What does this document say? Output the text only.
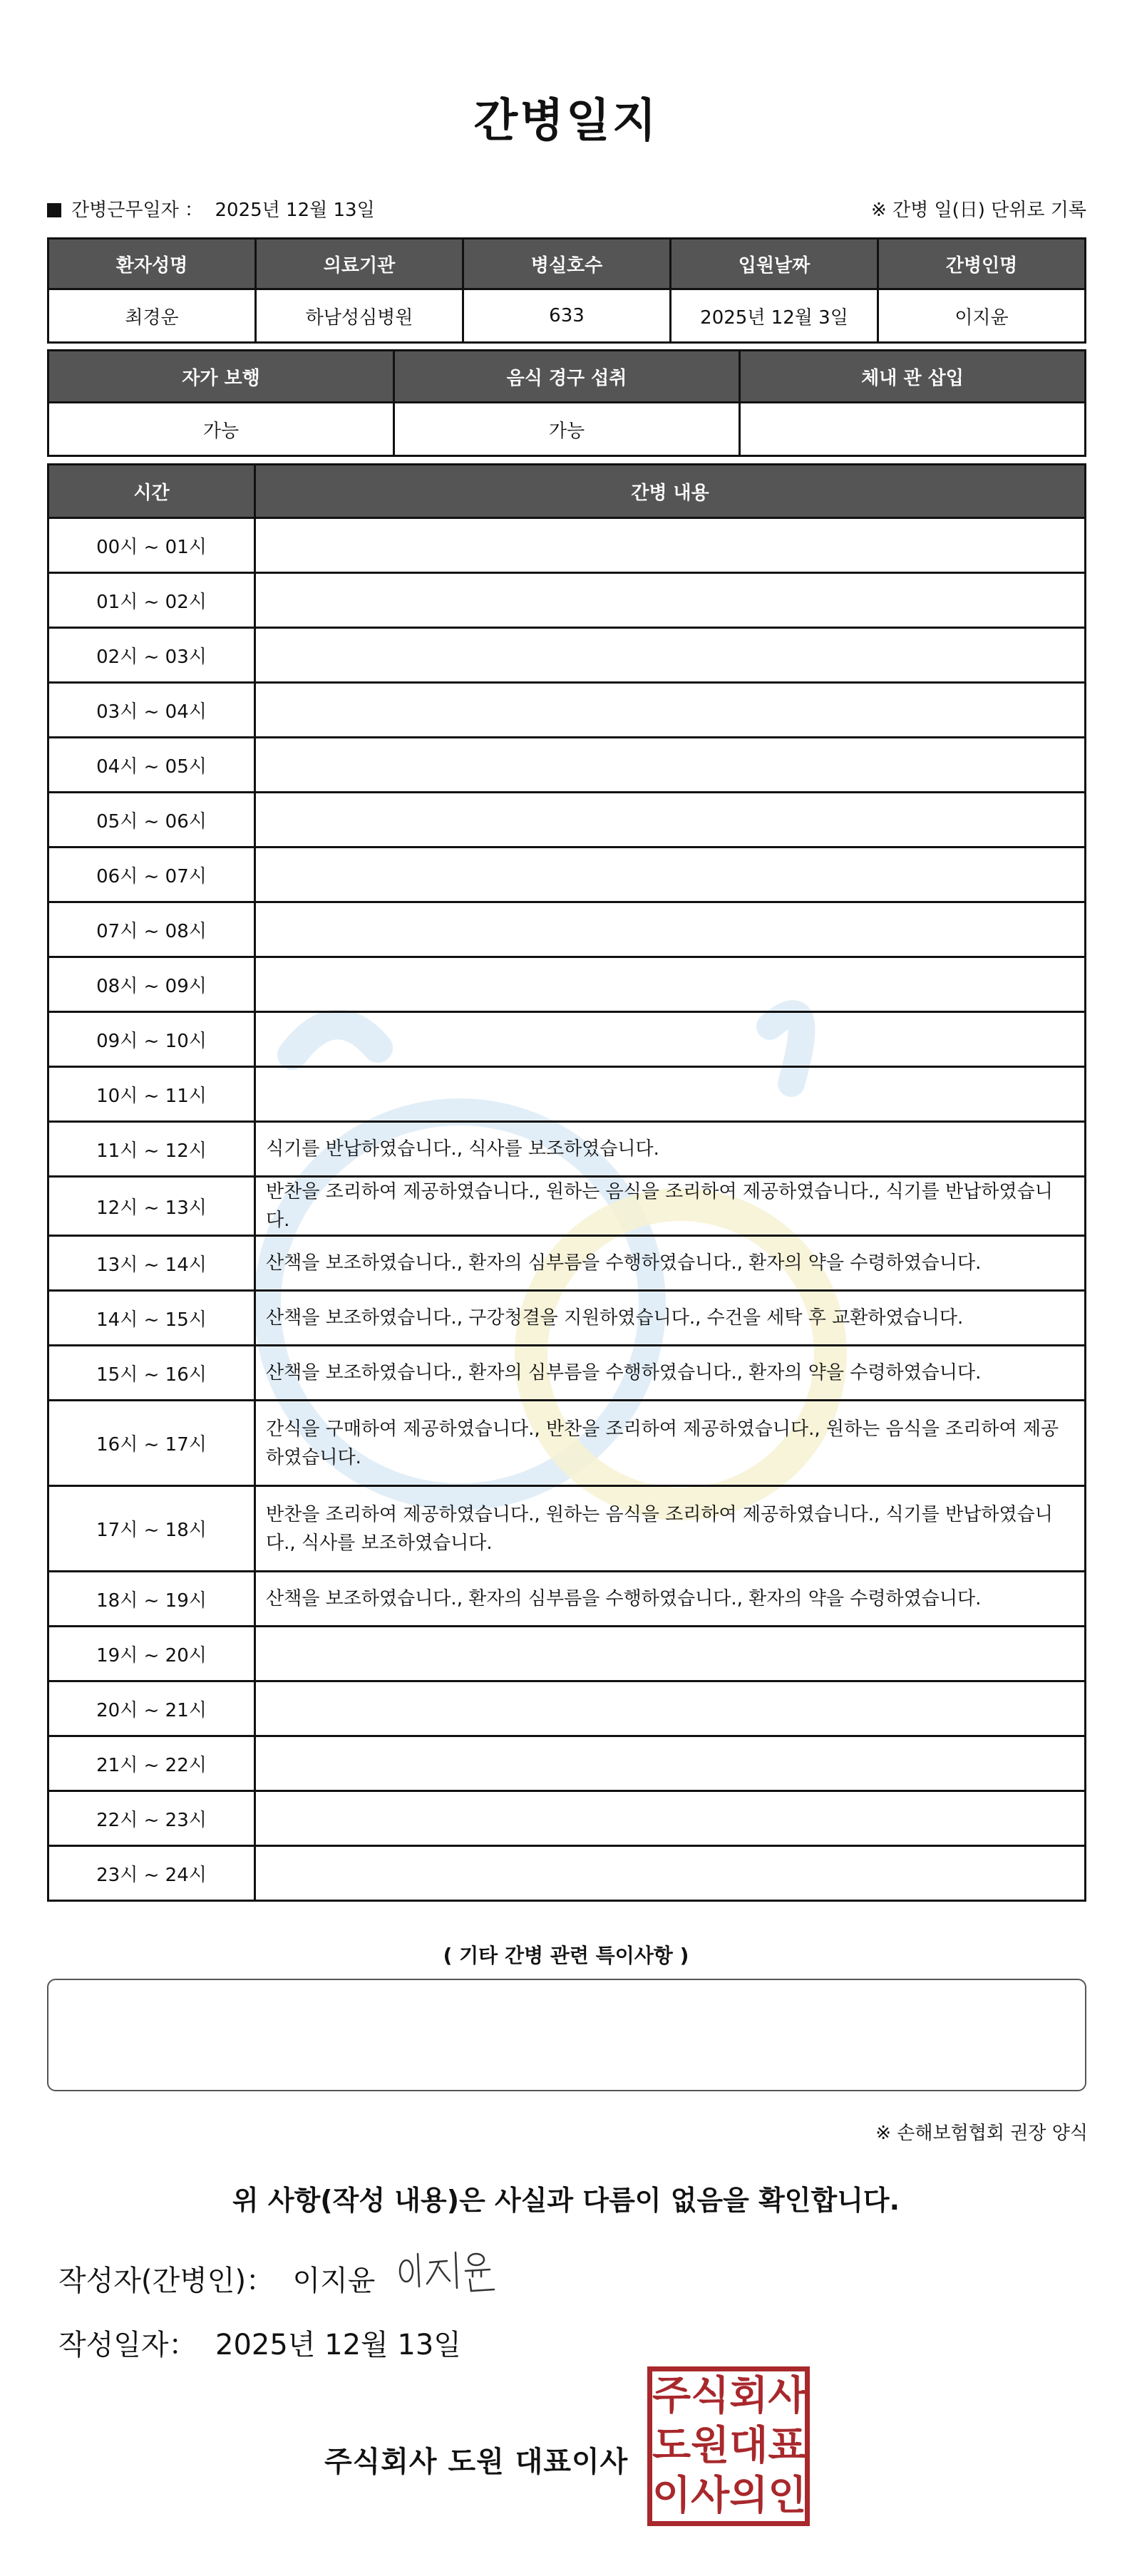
간병일지
간병근무일자 ： 2025년 12월 13일	※ 간병 일(日) 단위로 기록
환자성명	의료기관	병실호수	입원날짜	간병인명
최경운	하남성심병원	633	2025년 12월 3일	이지윤
자가 보행	음식 경구 섭취	체내 관 삽입
가능	가능	
시간	간병 내용
00시 ~ 01시	
01시 ~ 02시	
02시 ~ 03시	
03시 ~ 04시	
04시 ~ 05시	
05시 ~ 06시	
06시 ~ 07시	
07시 ~ 08시	
08시 ~ 09시	
09시 ~ 10시	
10시 ~ 11시	
11시 ~ 12시	식기를 반납하였습니다., 식사를 보조하였습니다.
12시 ~ 13시	반찬을 조리하여 제공하였습니다., 원하는 음식을 조리하여 제공하였습니다., 식기를 반납하였습니다.
13시 ~ 14시	산책을 보조하였습니다., 환자의 심부름을 수행하였습니다., 환자의 약을 수령하였습니다.
14시 ~ 15시	산책을 보조하였습니다., 구강청결을 지원하였습니다., 수건을 세탁 후 교환하였습니다.
15시 ~ 16시	산책을 보조하였습니다., 환자의 심부름을 수행하였습니다., 환자의 약을 수령하였습니다.
16시 ~ 17시	간식을 구매하여 제공하였습니다., 반찬을 조리하여 제공하였습니다., 원하는 음식을 조리하여 제공하였습니다.
17시 ~ 18시	반찬을 조리하여 제공하였습니다., 원하는 음식을 조리하여 제공하였습니다., 식기를 반납하였습니다., 식사를 보조하였습니다.
18시 ~ 19시	산책을 보조하였습니다., 환자의 심부름을 수행하였습니다., 환자의 약을 수령하였습니다.
19시 ~ 20시	
20시 ~ 21시	
21시 ~ 22시	
22시 ~ 23시	
23시 ~ 24시	
( 기타 간병 관련 특이사항 )
※ 손해보험협회 권장 양식
위 사항(작성 내용)은 사실과 다름이 없음을 확인합니다.
작성자(간병인)： 이지윤
작성일자： 2025년 12월 13일
주식회사 도원 대표이사
주 식 회 사
도 원 대 표
이 사 의 인
